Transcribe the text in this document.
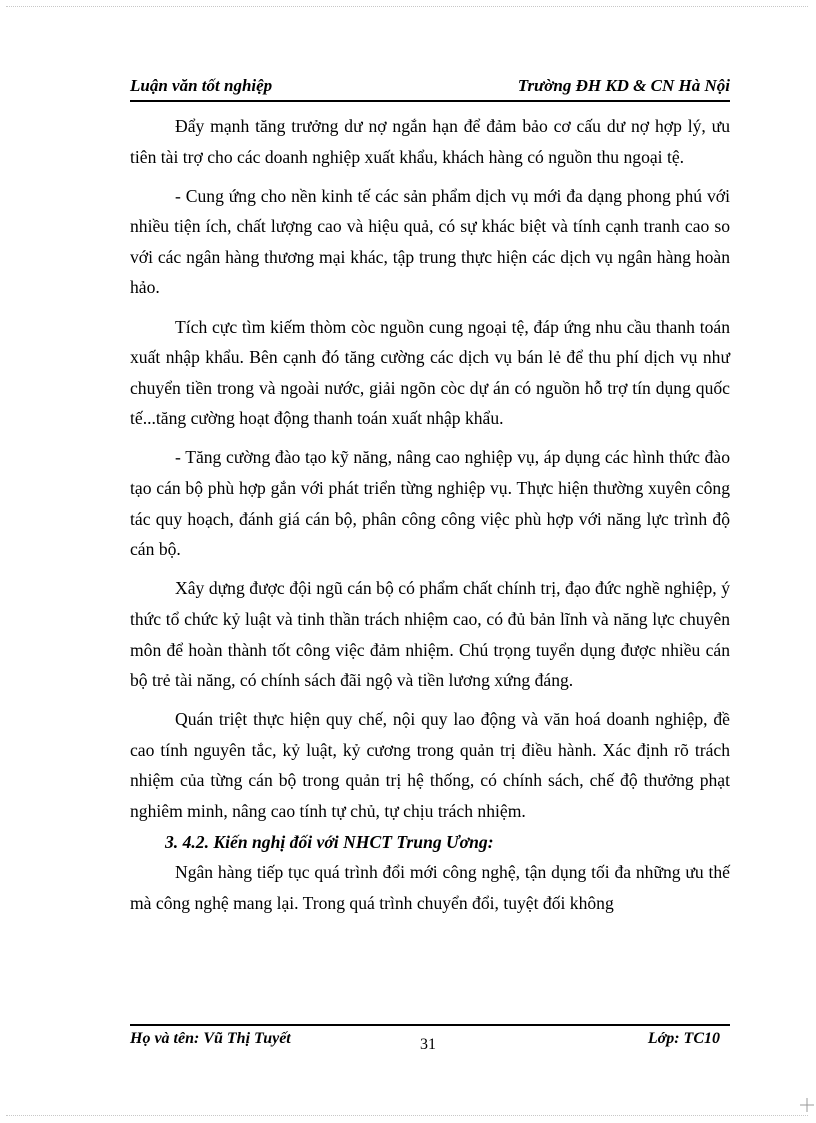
Luận văn tốt nghiệp	Trường ĐH KD & CN Hà Nội

Đẩy mạnh tăng trưởng dư nợ ngắn hạn để đảm bảo cơ cấu dư nợ hợp lý, ưu tiên tài trợ cho các doanh nghiệp xuất khẩu, khách hàng có nguồn thu ngoại tệ.

- Cung ứng cho nền kinh tế các sản phẩm dịch vụ mới đa dạng phong phú với nhiều tiện ích, chất lượng cao và hiệu quả, có sự khác biệt và tính cạnh tranh cao so với các ngân hàng thương mại khác, tập trung thực hiện các dịch vụ ngân hàng hoàn hảo.

Tích cực tìm kiếm thòm còc nguồn cung ngoại tệ, đáp ứng nhu cầu thanh toán xuất nhập khẩu. Bên cạnh đó tăng cường các dịch vụ bán lẻ để thu phí dịch vụ như chuyển tiền trong và ngoài nước, giải ngõn còc dự án có nguồn hỗ trợ tín dụng quốc tế...tăng cường hoạt động thanh toán xuất nhập khẩu.

- Tăng cường đào tạo kỹ năng, nâng cao nghiệp vụ, áp dụng các hình thức đào tạo cán bộ phù hợp gắn với phát triển từng nghiệp vụ. Thực hiện thường xuyên công tác quy hoạch, đánh giá cán bộ, phân công công việc phù hợp với năng lực trình độ cán bộ.

Xây dựng được đội ngũ cán bộ có phẩm chất chính trị, đạo đức nghề nghiệp, ý thức tổ chức kỷ luật và tinh thần trách nhiệm cao, có đủ bản lĩnh và năng lực chuyên môn để hoàn thành tốt công việc đảm nhiệm. Chú trọng tuyển dụng được nhiều cán bộ trẻ tài năng, có chính sách đãi ngộ và tiền lương xứng đáng.

Quán triệt thực hiện quy chế, nội quy lao động và văn hoá doanh nghiệp, đề cao tính nguyên tắc, kỷ luật, kỷ cương trong quản trị điều hành. Xác định rõ trách nhiệm của từng cán bộ trong quản trị hệ thống, có chính sách, chế độ thưởng phạt nghiêm minh, nâng cao tính tự chủ, tự chịu trách nhiệm.

3. 4.2. Kiến nghị đối với NHCT Trung Ương:

Ngân hàng tiếp tục quá trình đổi mới công nghệ, tận dụng tối đa những ưu thế mà công nghệ mang lại. Trong quá trình chuyển đổi, tuyệt đối không

Họ và tên: Vũ Thị Tuyết	31	Lớp: TC10
